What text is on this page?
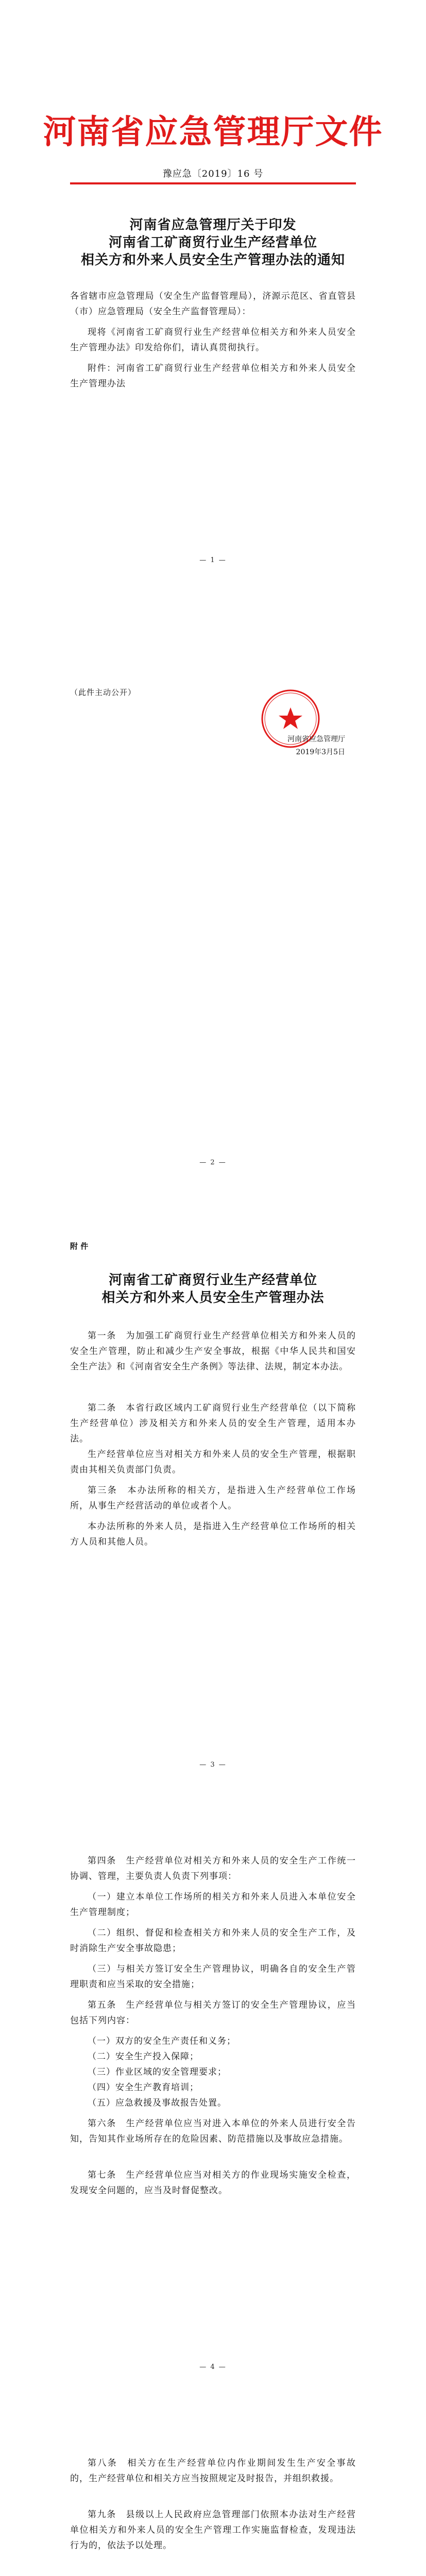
河南省应急管理厅文件
豫应急〔2019〕16 号
河南省应急管理厅关于印发
河南省工矿商贸行业生产经营单位
相关方和外来人员安全生产管理办法的通知
各省辖市应急管理局（安全生产监督管理局），济源示范区、省直管县（市）应急管理局（安全生产监督管理局）：
现将《河南省工矿商贸行业生产经营单位相关方和外来人员安全生产管理办法》印发给你们，请认真贯彻执行。
附件：河南省工矿商贸行业生产经营单位相关方和外来人员安全生产管理办法
— 1 —
河南省应急管理厅
2019年3月5日
（此件主动公开）
— 2 —
附 件
河南省工矿商贸行业生产经营单位
相关方和外来人员安全生产管理办法
第一条　为加强工矿商贸行业生产经营单位相关方和外来人员的安全生产管理，防止和减少生产安全事故，根据《中华人民共和国安全生产法》和《河南省安全生产条例》等法律、法规，制定本办法。
第二条　本省行政区域内工矿商贸行业生产经营单位（以下简称生产经营单位）涉及相关方和外来人员的安全生产管理，适用本办法。
生产经营单位应当对相关方和外来人员的安全生产管理，根据职责由其相关负责部门负责。
第三条　本办法所称的相关方，是指进入生产经营单位工作场所，从事生产经营活动的单位或者个人。
本办法所称的外来人员，是指进入生产经营单位工作场所的相关方人员和其他人员。
— 3 —
第四条　生产经营单位对相关方和外来人员的安全生产工作统一协调、管理，主要负责人负责下列事项：
（一）建立本单位工作场所的相关方和外来人员进入本单位安全生产管理制度；
（二）组织、督促和检查相关方和外来人员的安全生产工作，及时消除生产安全事故隐患；
（三）与相关方签订安全生产管理协议，明确各自的安全生产管理职责和应当采取的安全措施；
第五条　生产经营单位与相关方签订的安全生产管理协议，应当包括下列内容：
（一）双方的安全生产责任和义务；
（二）安全生产投入保障；
（三）作业区域的安全管理要求；
（四）安全生产教育培训；
（五）应急救援及事故报告处置。
第六条　生产经营单位应当对进入本单位的外来人员进行安全告知，告知其作业场所存在的危险因素、防范措施以及事故应急措施。
第七条　生产经营单位应当对相关方的作业现场实施安全检查，发现安全问题的，应当及时督促整改。
— 4 —
第八条　相关方在生产经营单位内作业期间发生生产安全事故的，生产经营单位和相关方应当按照规定及时报告，并组织救援。
第九条　县级以上人民政府应急管理部门依照本办法对生产经营单位相关方和外来人员的安全生产管理工作实施监督检查，发现违法行为的，依法予以处理。
